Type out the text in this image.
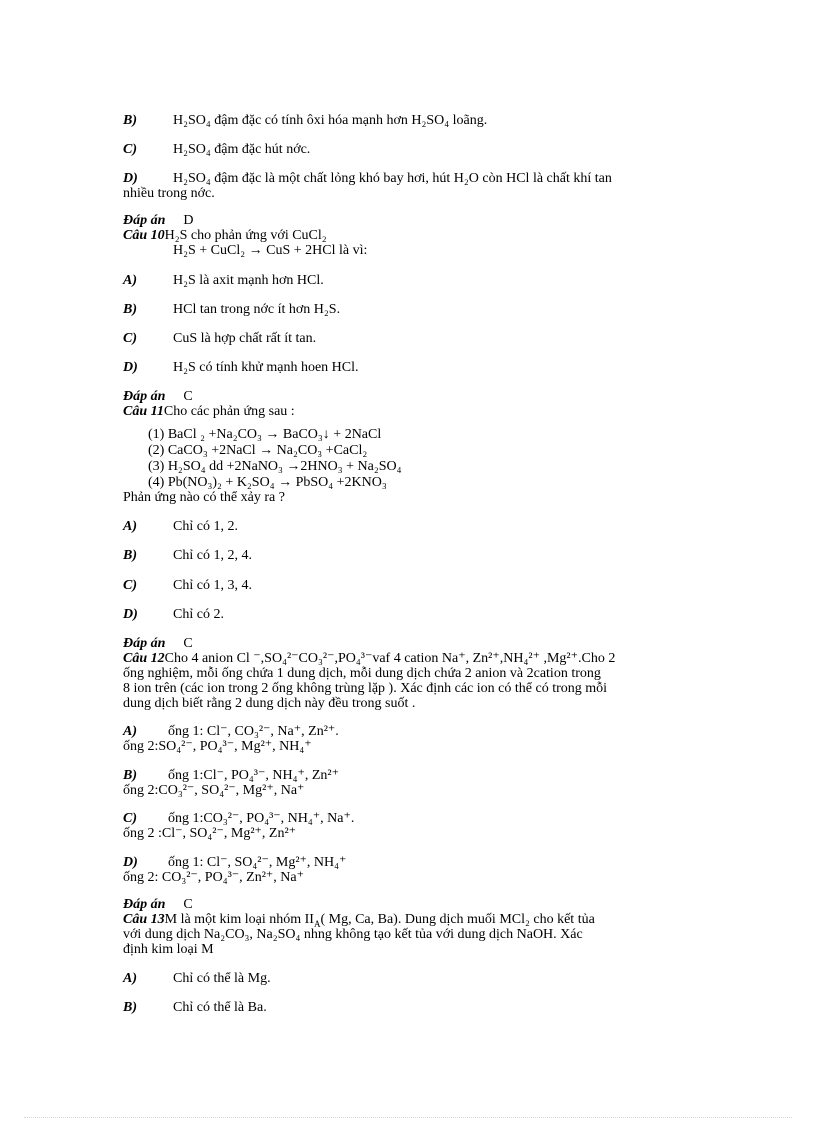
B)	H₂SO₄ đậm đặc có tính ôxi hóa mạnh hơn H₂SO₄ loãng.
C)	H₂SO₄ đậm đặc hút nớc.
D)	H₂SO₄ đậm đặc là một chất lỏng khó bay hơi, hút H₂O còn HCl là chất khí tan
nhiều trong nớc.
Đáp án D
Câu 10H₂S cho phản ứng với CuCl₂
H₂S + CuCl₂ → CuS + 2HCl là vì:
A)	H₂S là axit mạnh hơn HCl.
B)	HCl tan trong nớc ít hơn H₂S.
C)	CuS là hợp chất rất ít tan.
D)	H₂S có tính khử mạnh hoen HCl.
Đáp án C
Câu 11Cho các phản ứng sau :
(1) BaCl ₂ +Na₂CO₃ → BaCO₃↓ + 2NaCl
(2) CaCO₃ +2NaCl → Na₂CO₃ +CaCl₂
(3) H₂SO₄ dd +2NaNO₃ →2HNO₃ + Na₂SO₄
(4) Pb(NO₃)₂ + K₂SO₄ → PbSO₄ +2KNO₃
Phản ứng nào có thể xảy ra ?
A)	Chỉ có 1, 2.
B)	Chỉ có 1, 2, 4.
C)	Chỉ có 1, 3, 4.
D)	Chỉ có 2.
Đáp án C
Câu 12Cho 4 anion Cl ⁻,SO₄²⁻CO₃²⁻,PO₄³⁻vaf 4 cation Na⁺, Zn²⁺,NH₄²⁺ ,Mg²⁺.Cho 2
ống nghiệm, mỗi ống chứa 1 dung dịch, mỗi dung dịch chứa 2 anion và 2cation trong
8 ion trên (các ion trong 2 ống không trùng lặp ). Xác định các ion có thể có trong mỗi
dung dịch biết rằng 2 dung dịch này đều trong suốt .
A) ống 1: Cl⁻, CO₃²⁻, Na⁺, Zn²⁺.
ống 2:SO₄²⁻, PO₄³⁻, Mg²⁺, NH₄⁺
B) ống 1:Cl⁻, PO₄³⁻, NH₄⁺, Zn²⁺
ống 2:CO₃²⁻, SO₄²⁻, Mg²⁺, Na⁺
C) ống 1:CO₃²⁻, PO₄³⁻, NH₄⁺, Na⁺.
ống 2 :Cl⁻, SO₄²⁻, Mg²⁺, Zn²⁺
D) ống 1: Cl⁻, SO₄²⁻, Mg²⁺, NH₄⁺
ống 2: CO₃²⁻, PO₄³⁻, Zn²⁺, Na⁺
Đáp án C
Câu 13M là một kim loại nhóm $II_A$( Mg, Ca, Ba). Dung dịch muối MCl₂ cho kết tủa
với dung dịch Na₂CO₃, Na₂SO₄ nhng không tạo kết tủa với dung dịch NaOH. Xác
định kim loại M
A)	Chỉ có thể là Mg.
B)	Chỉ có thể là Ba.
